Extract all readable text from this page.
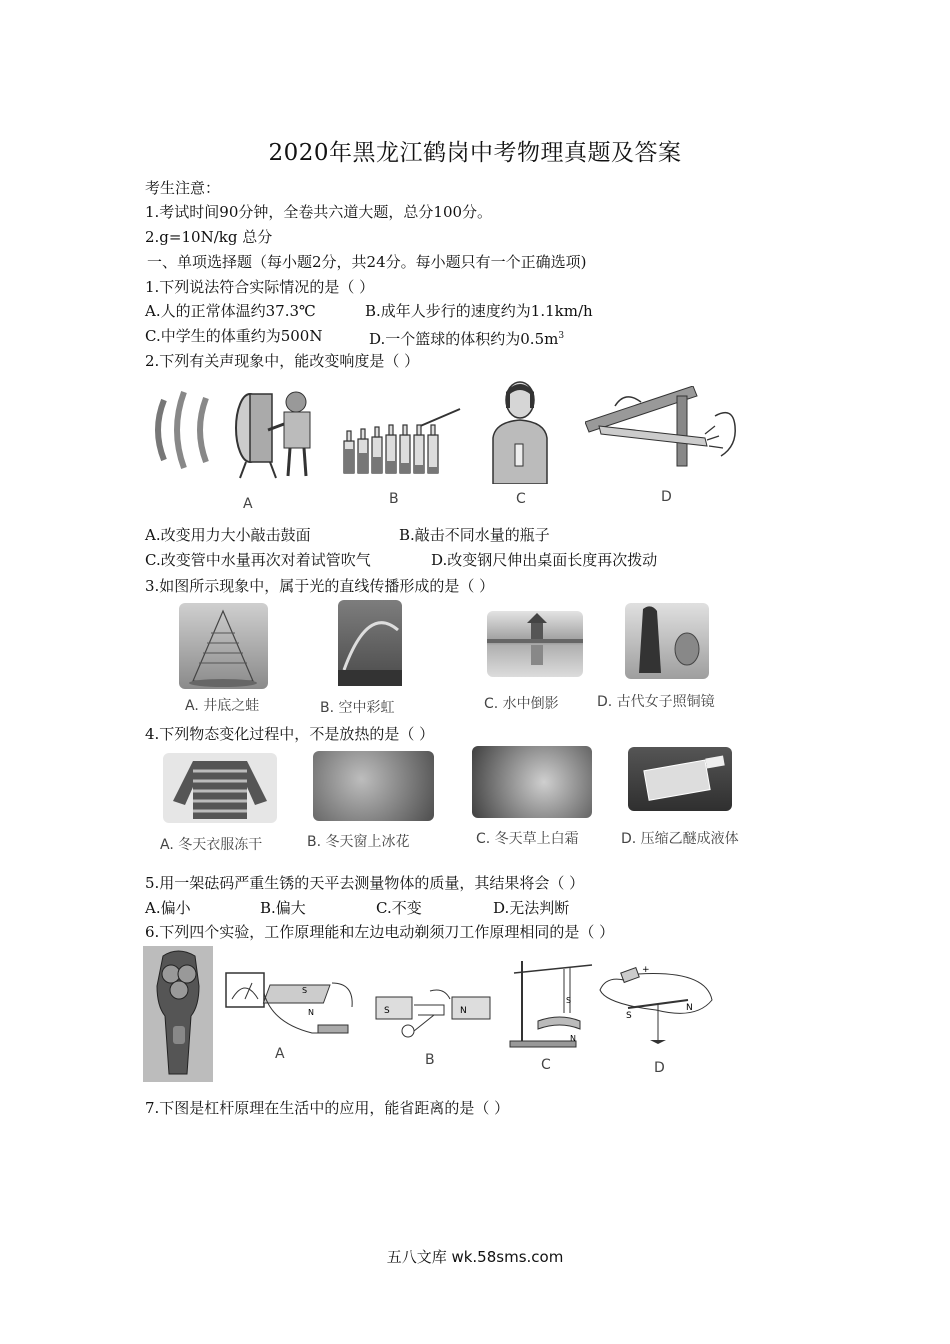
2020年黑龙江鹤岗中考物理真题及答案
考生注意：
1.考试时间90分钟，全卷共六道大题，总分100分。
2.g=10N/kg 总分
一、单项选择题（每小题2分，共24分。每小题只有一个正确选项)
1.下列说法符合实际情况的是（ ）
A.人的正常体温约37.3℃	B.成年人步行的速度约为1.1km/h
C.中学生的体重约为500N	D.一个篮球的体积约为$0.5m^3$
2.下列有关声现象中，能改变响度是（ ）
A	B	C	D
A.改变用力大小敲击鼓面	B.敲击不同水量的瓶子
C.改变管中水量再次对着试管吹气	D.改变钢尺伸出桌面长度再次拨动
3.如图所示现象中，属于光的直线传播形成的是（ ）
A. 井底之蛙	B. 空中彩虹	C. 水中倒影	D. 古代女子照铜镜
4.下列物态变化过程中，不是放热的是（ ）
A. 冬天衣服冻干	B. 冬天窗上冰花	C. 冬天草上白霜	D. 压缩乙醚成液体
5.用一架砝码严重生锈的天平去测量物体的质量，其结果将会（ ）
A.偏小	B.偏大	C.不变	D.无法判断
6.下列四个实验，工作原理能和左边电动剃须刀工作原理相同的是（ ）
S
N
A
S	N
B
S
N
C
+
S
N
D
7.下图是杠杆原理在生活中的应用，能省距离的是（ ）
五八文库 wk.58sms.com
